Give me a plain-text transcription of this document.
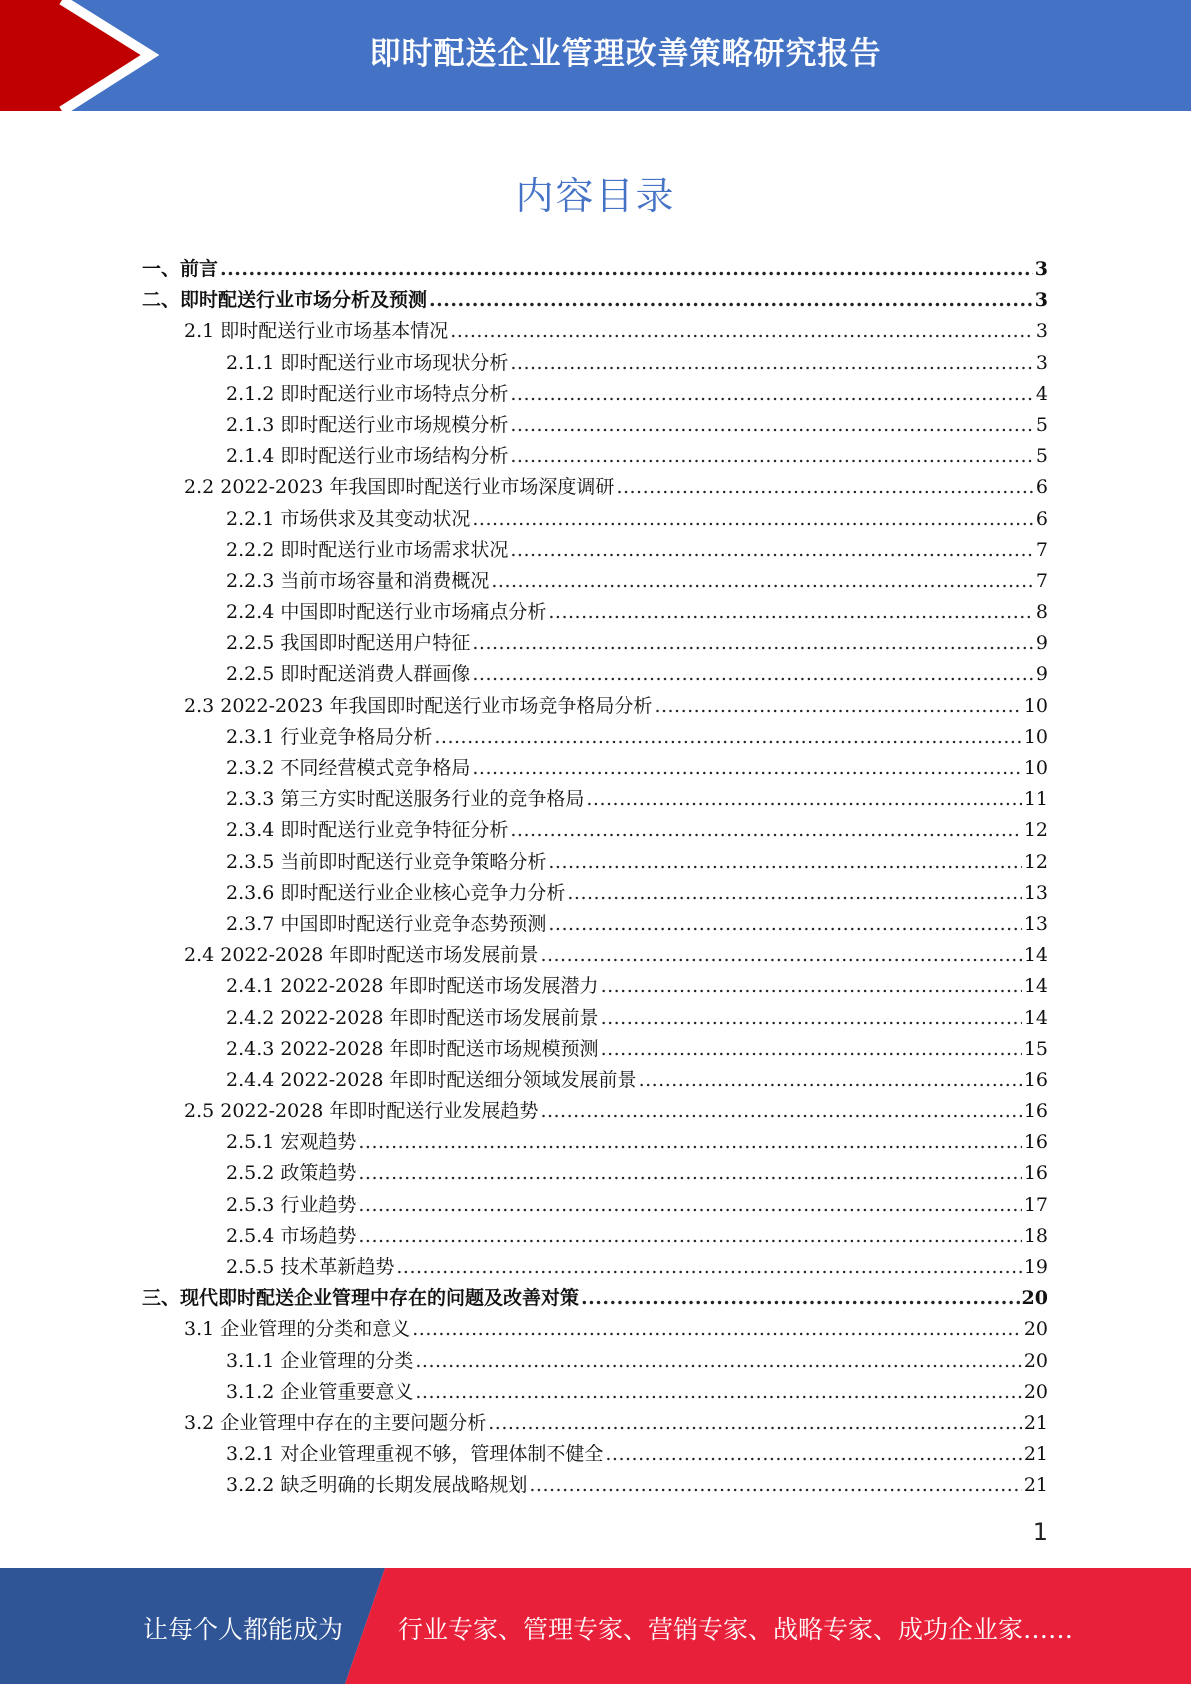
即时配送企业管理改善策略研究报告
内容目录
一、前言 .....	3
二、即时配送行业市场分析及预测 .....	3
2.1 即时配送行业市场基本情况 .....	3
2.1.1 即时配送行业市场现状分析 .....	3
2.1.2 即时配送行业市场特点分析 .....	4
2.1.3 即时配送行业市场规模分析 .....	5
2.1.4 即时配送行业市场结构分析 .....	5
2.2 2022-2023 年我国即时配送行业市场深度调研 .....	6
2.2.1 市场供求及其变动状况 .....	6
2.2.2 即时配送行业市场需求状况 .....	7
2.2.3 当前市场容量和消费概况 .....	7
2.2.4 中国即时配送行业市场痛点分析 .....	8
2.2.5 我国即时配送用户特征 .....	9
2.2.5 即时配送消费人群画像 .....	9
2.3 2022-2023 年我国即时配送行业市场竞争格局分析 .....	10
2.3.1 行业竞争格局分析 .....	10
2.3.2 不同经营模式竞争格局 .....	10
2.3.3 第三方实时配送服务行业的竞争格局 .....	11
2.3.4 即时配送行业竞争特征分析 .....	12
2.3.5 当前即时配送行业竞争策略分析 .....	12
2.3.6 即时配送行业企业核心竞争力分析 .....	13
2.3.7 中国即时配送行业竞争态势预测 .....	13
2.4 2022-2028 年即时配送市场发展前景 .....	14
2.4.1 2022-2028 年即时配送市场发展潜力 .....	14
2.4.2 2022-2028 年即时配送市场发展前景 .....	14
2.4.3 2022-2028 年即时配送市场规模预测 .....	15
2.4.4 2022-2028 年即时配送细分领域发展前景 .....	16
2.5 2022-2028 年即时配送行业发展趋势 .....	16
2.5.1 宏观趋势 .....	16
2.5.2 政策趋势 .....	16
2.5.3 行业趋势 .....	17
2.5.4 市场趋势 .....	18
2.5.5 技术革新趋势 .....	19
三、现代即时配送企业管理中存在的问题及改善对策 .....	20
3.1 企业管理的分类和意义 .....	20
3.1.1 企业管理的分类 .....	20
3.1.2 企业管重要意义 .....	20
3.2 企业管理中存在的主要问题分析 .....	21
3.2.1 对企业管理重视不够，管理体制不健全 .....	21
3.2.2 缺乏明确的长期发展战略规划 .....	21
1
让每个人都能成为 行业专家、管理专家、营销专家、战略专家、成功企业家……
